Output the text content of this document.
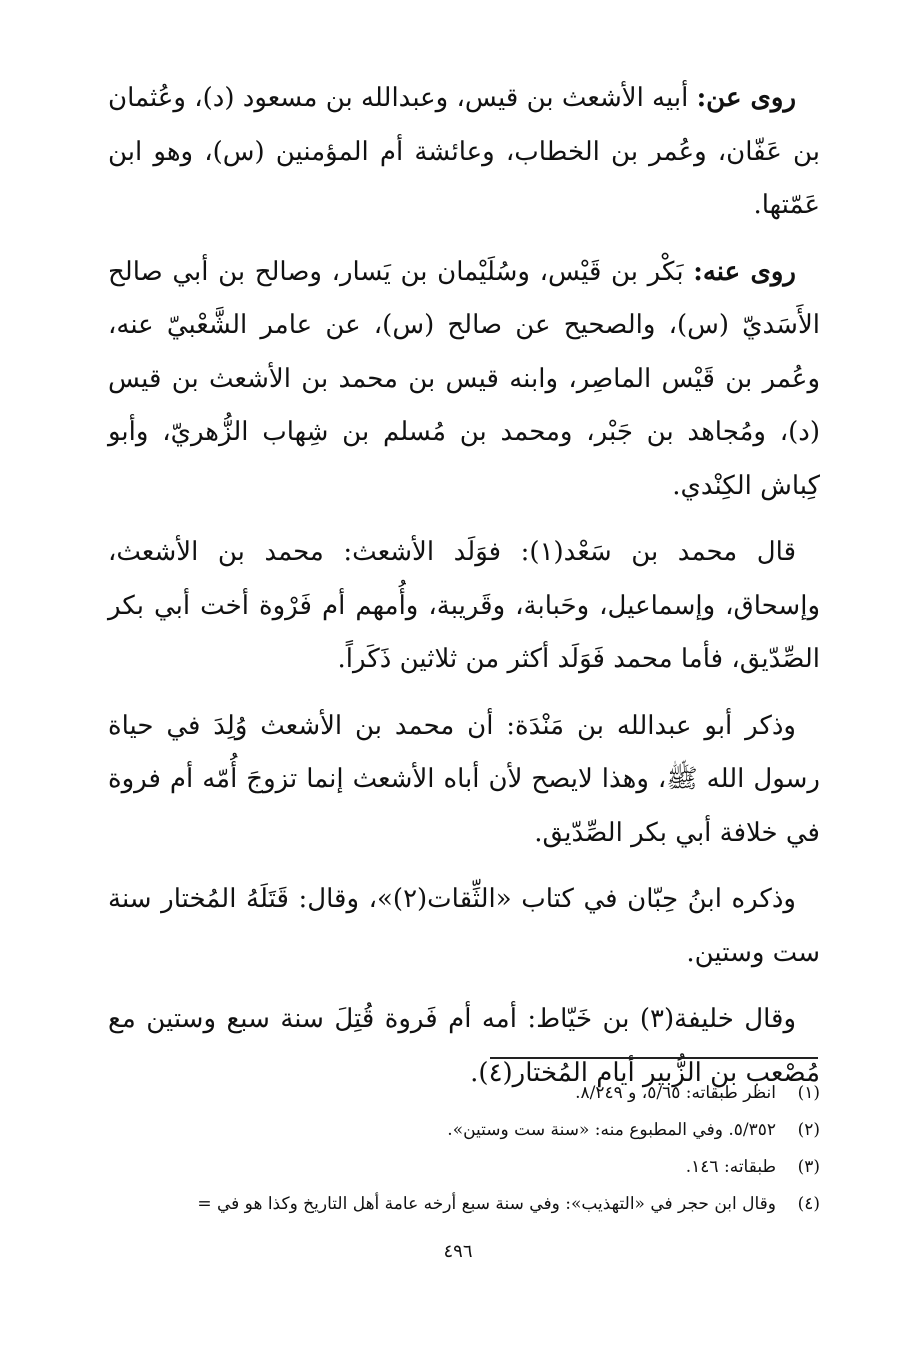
روى عن: أبيه الأشعث بن قيس، وعبدالله بن مسعود (د)، وعُثمان بن عَفّان، وعُمر بن الخطاب، وعائشة أم المؤمنين (س)، وهو ابن عَمّتها.

روى عنه: بَكْر بن قَيْس، وسُلَيْمان بن يَسار، وصالح بن أبي صالح الأَسَديّ (س)، والصحيح عن صالح (س)، عن عامر الشَّعْبيّ عنه، وعُمر بن قَيْس الماصِر، وابنه قيس بن محمد بن الأشعث بن قيس (د)، ومُجاهد بن جَبْر، ومحمد بن مُسلم بن شِهاب الزُّهريّ، وأبو كِباش الكِنْدي.

قال محمد بن سَعْد(١): فوَلَد الأشعث: محمد بن الأشعث، وإسحاق، وإسماعيل، وحَبابة، وقَريبة، وأُمهم أم فَرْوة أخت أبي بكر الصِّدّيق، فأما محمد فَوَلَد أكثر من ثلاثين ذَكَراً.

وذكر أبو عبدالله بن مَنْدَة: أن محمد بن الأشعث وُلِدَ في حياة رسول الله ﷺ، وهذا لايصح لأن أباه الأشعث إنما تزوجَ أُمّه أم فروة في خلافة أبي بكر الصِّدّيق.

وذكره ابنُ حِبّان في كتاب «الثِّقات(٢)»، وقال: قَتَلَهُ المُختار سنة ست وستين.

وقال خليفة(٣) بن خَيّاط: أمه أم فَروة قُتِلَ سنة سبع وستين مع مُصْعب بن الزُّبير أيام المُختار(٤).

(١)
انظر طبقاته: ٥/٦٥، و ٨/٢٤٩.
(٢)
٥/٣٥٢. وفي المطبوع منه: «سنة ست وستين».
(٣)
طبقاته: ١٤٦.
(٤)
وقال ابن حجر في «التهذيب»: وفي سنة سبع أرخه عامة أهل التاريخ وكذا هو في =
٤٩٦
